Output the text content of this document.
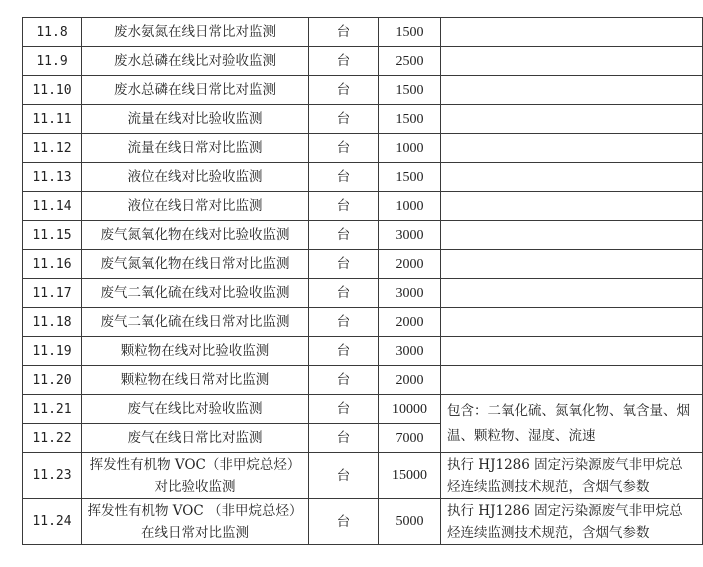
11.8	废水氨氮在线日常比对监测	台	1500	
11.9	废水总磷在线比对验收监测	台	2500	
11.10	废水总磷在线日常比对监测	台	1500	
11.11	流量在线对比验收监测	台	1500	
11.12	流量在线日常对比监测	台	1000	
11.13	液位在线对比验收监测	台	1500	
11.14	液位在线日常对比监测	台	1000	
11.15	废气氮氧化物在线对比验收监测	台	3000	
11.16	废气氮氧化物在线日常对比监测	台	2000	
11.17	废气二氧化硫在线对比验收监测	台	3000	
11.18	废气二氧化硫在线日常对比监测	台	2000	
11.19	颗粒物在线对比验收监测	台	3000	
11.20	颗粒物在线日常对比监测	台	2000	
11.21	废气在线比对验收监测	台	10000	包含：二氧化硫、氮氧化物、氧含量、烟温、颗粒物、湿度、流速
11.22	废气在线日常比对监测	台	7000	
11.23	挥发性有机物 VOC（非甲烷总烃）对比验收监测	台	15000	执行 HJ1286 固定污染源废气非甲烷总烃连续监测技术规范，含烟气参数
11.24	挥发性有机物 VOC （非甲烷总烃）在线日常对比监测	台	5000	执行 HJ1286 固定污染源废气非甲烷总烃连续监测技术规范，含烟气参数
